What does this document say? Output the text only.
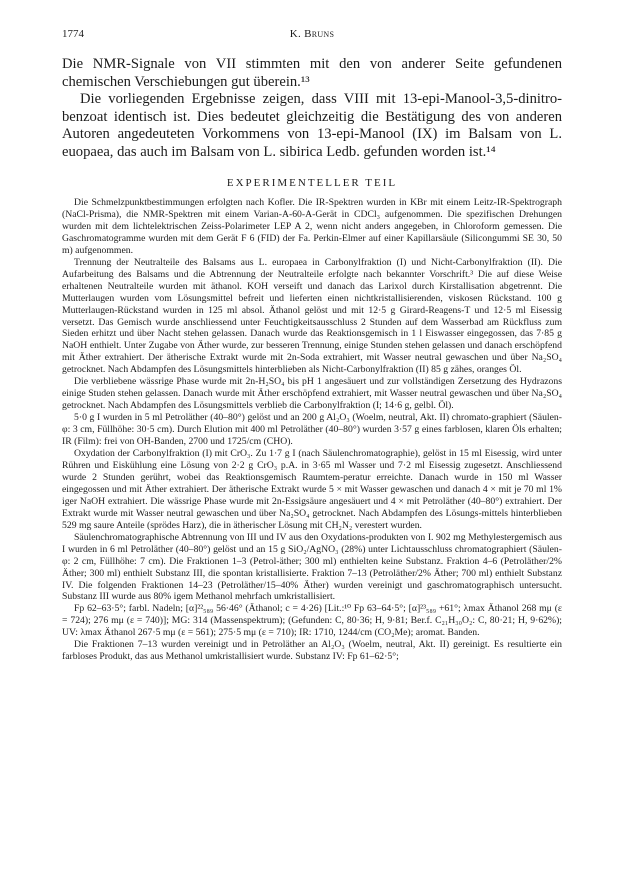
1774	K. Bruns

Die NMR-Signale von VII stimmten mit den von anderer Seite gefundenen chemischen Verschiebungen gut überein.¹³

Die vorliegenden Ergebnisse zeigen, dass VIII mit 13-epi-Manool-3,5-dinitro-benzoat identisch ist. Dies bedeutet gleichzeitig die Bestätigung des von anderen Autoren angedeuteten Vorkommens von 13-epi-Manool (IX) im Balsam von L. euopaea, das auch im Balsam von L. sibirica Ledb. gefunden worden ist.¹⁴

EXPERIMENTELLER TEIL

Die Schmelzpunktbestimmungen erfolgten nach Kofler. Die IR-Spektren wurden in KBr mit einem Leitz-IR-Spektrograph (NaCl-Prisma), die NMR-Spektren mit einem Varian-A-60-A-Gerät in CDCl₃ aufgenommen. Die spezifischen Drehungen wurden mit dem lichtelektrischen Zeiss-Polarimeter LEP A 2, wenn nicht anders angegeben, in Chloroform gemessen. Die Gaschromatogramme wurden mit dem Gerät F 6 (FID) der Fa. Perkin-Elmer auf einer Kapillarsäule (Silicongummi SE 30, 50 m) aufgenommen.

Trennung der Neutralteile des Balsams aus L. europaea in Carbonylfraktion (I) und Nicht-Carbonylfraktion (II). Die Aufarbeitung des Balsams und die Abtrennung der Neutralteile erfolgte nach bekannter Vorschrift.³ Die auf diese Weise erhaltenen Neutralteile wurden mit äthanol. KOH verseift und danach das Larixol durch Kirstallisation abgetrennt. Die Mutterlaugen wurden vom Lösungsmittel befreit und lieferten einen nichtkristallisierenden, viskosen Rückstand. 100 g Mutterlaugen-Rückstand wurden in 125 ml absol. Äthanol gelöst und mit 12·5 g Girard-Reagens-T und 12·5 ml Eisessig versetzt. Das Gemisch wurde anschliessend unter Feuchtigkeitsausschluss 2 Stunden auf dem Wasserbad am Rückfluss zum Sieden erhitzt und über Nacht stehen gelassen. Danach wurde das Reaktionsgemisch in 1 l Eiswasser eingegossen, das 7·85 g NaOH enthielt. Unter Zugabe von Äther wurde, zur besseren Trennung, einige Stunden stehen gelassen und danach erschöpfend mit Äther extrahiert. Der ätherische Extrakt wurde mit 2n-Soda extrahiert, mit Wasser neutral gewaschen und über Na₂SO₄ getrocknet. Nach Abdampfen des Lösungsmittels hinterblieben als Nicht-Carbonylfraktion (II) 85 g zähes, oranges Öl.

Die verbliebene wässrige Phase wurde mit 2n-H₂SO₄ bis pH 1 angesäuert und zur vollständigen Zersetzung des Hydrazons einige Studen stehen gelassen. Danach wurde mit Äther erschöpfend extrahiert, mit Wasser neutral gewaschen und über Na₂SO₄ getrocknet. Nach Abdampfen des Lösungsmittels verblieb die Carbonylfraktion (I; 14·6 g, gelbl. Öl).

5·0 g I wurden in 5 ml Petroläther (40–80°) gelöst und an 200 g Al₂O₃ (Woelm, neutral, Akt. II) chromato-graphiert (Säulen-φ: 3 cm, Füllhöhe: 30·5 cm). Durch Elution mit 400 ml Petroläther (40–80°) wurden 3·57 g eines farblosen, klaren Öls erhalten; IR (Film): frei von OH-Banden, 2700 und 1725/cm (CHO).

Oxydation der Carbonylfraktion (I) mit CrO₃. Zu 1·7 g I (nach Säulenchromatographie), gelöst in 15 ml Eisessig, wird unter Rühren und Eiskühlung eine Lösung von 2·2 g CrO₃ p.A. in 3·65 ml Wasser und 7·2 ml Eisessig zugesetzt. Anschliessend wurde 2 Stunden gerührt, wobei das Reaktionsgemisch Raumtem-peratur erreichte. Danach wurde in 150 ml Wasser eingegossen und mit Äther extrahiert. Der ätherische Extrakt wurde 5 × mit Wasser gewaschen und danach 4 × mit je 70 ml 1% iger NaOH extrahiert. Die wässrige Phase wurde mit 2n-Essigsäure angesäuert und 4 × mit Petroläther (40–80°) extrahiert. Der Extrakt wurde mit Wasser neutral gewaschen und über Na₂SO₄ getrocknet. Nach Abdampfen des Lösungs-mittels hinterblieben 529 mg saure Anteile (sprödes Harz), die in ätherischer Lösung mit CH₂N₂ verestert wurden.

Säulenchromatographische Abtrennung von III und IV aus den Oxydations-produkten von I. 902 mg Methylestergemisch aus I wurden in 6 ml Petroläther (40–80°) gelöst und an 15 g SiO₂/AgNO₃ (28%) unter Lichtausschluss chromatographiert (Säulen-φ: 2 cm, Füllhöhe: 7 cm). Die Fraktionen 1–3 (Petrol-äther; 300 ml) enthielten keine Substanz. Fraktion 4–6 (Petroläther/2% Äther; 300 ml) enthielt Substanz III, die spontan kristallisierte. Fraktion 7–13 (Petroläther/2% Äther; 700 ml) enthielt Substanz IV. Die folgenden Fraktionen 14–23 (Petroläther/15–40% Äther) wurden vereinigt und gaschromatographisch untersucht. Substanz III wurde aus 80% igem Methanol mehrfach umkristallisiert.

Fp 62–63·5°; farbl. Nadeln; [α]²²₅₈₉ 56·46° (Äthanol; c = 4·26) [Lit.:¹⁰ Fp 63–64·5°; [α]²³₅₈₉ +61°; λmax Äthanol 268 mμ (ε = 724); 276 mμ (ε = 740)]; MG: 314 (Massenspektrum); (Gefunden: C, 80·36; H, 9·81; Ber.f. C₂₁H₃₀O₂: C, 80·21; H, 9·62%); UV: λmax Äthanol 267·5 mμ (ε = 561); 275·5 mμ (ε = 710); IR: 1710, 1244/cm (CO₂Me); aromat. Banden.

Die Fraktionen 7–13 wurden vereinigt und in Petroläther an Al₂O₃ (Woelm, neutral, Akt. II) gereinigt. Es resultierte ein farbloses Produkt, das aus Methanol umkristallisiert wurde. Substanz IV: Fp 61–62·5°;
